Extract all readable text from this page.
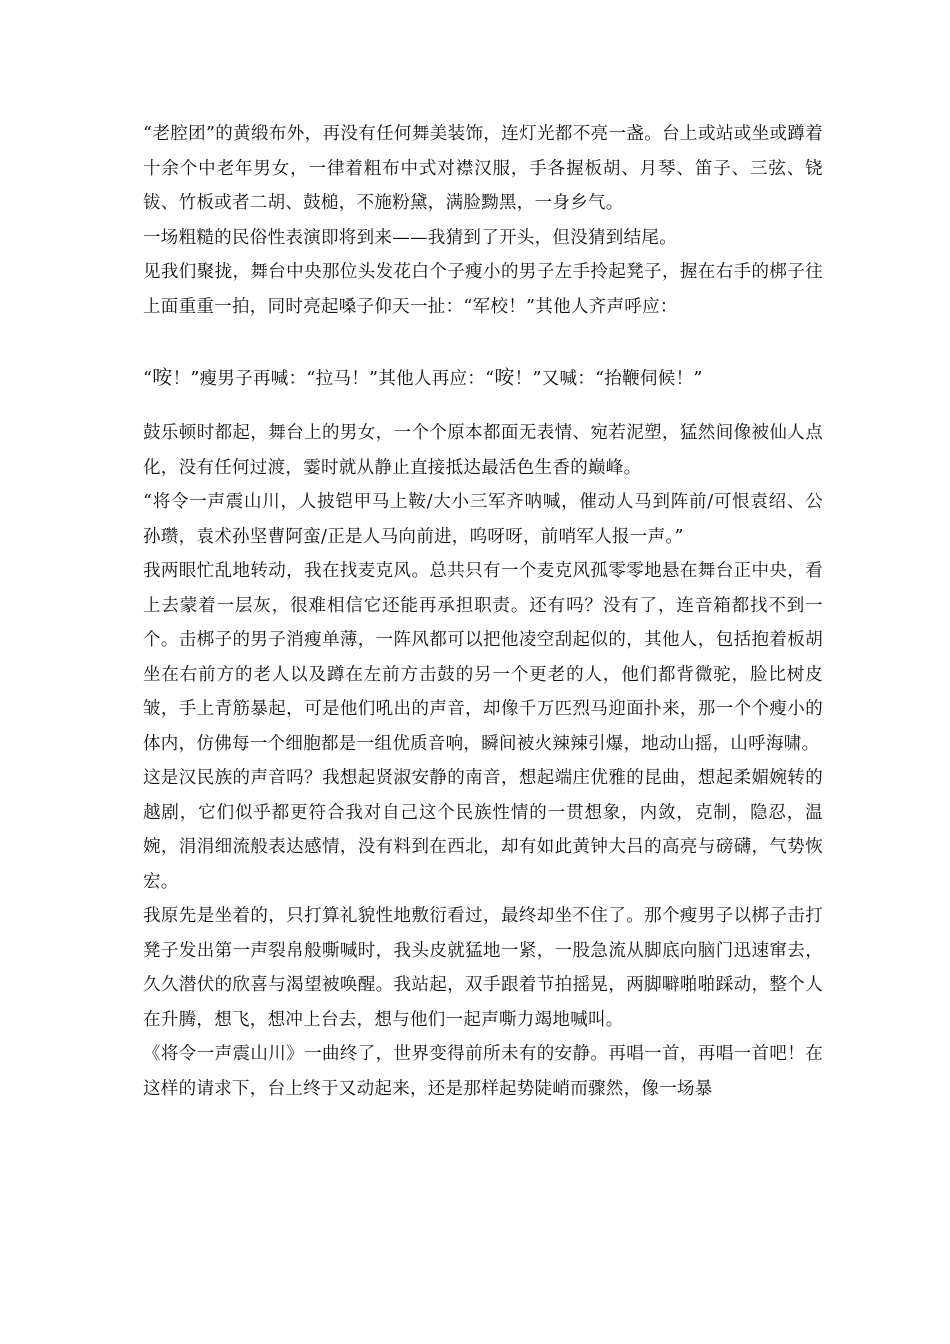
“老腔团”的黄缎布外，再没有任何舞美装饰，连灯光都不亮一盏。台上或站或坐或蹲着十余个中老年男女，一律着粗布中式对襟汉服，手各握板胡、月琴、笛子、三弦、铙钹、竹板或者二胡、鼓槌，不施粉黛，满脸黝黑，一身乡气。

一场粗糙的民俗性表演即将到来——我猜到了开头，但没猜到结尾。

见我们聚拢，舞台中央那位头发花白个子瘦小的男子左手拎起凳子，握在右手的梆子往上面重重一拍，同时亮起嗓子仰天一扯：“军校！”其他人齐声呼应：

“咹！”瘦男子再喊：“拉马！”其他人再应：“咹！”又喊：“抬鞭伺候！”

鼓乐顿时都起，舞台上的男女，一个个原本都面无表情、宛若泥塑，猛然间像被仙人点化，没有任何过渡，霎时就从静止直接抵达最活色生香的巅峰。

“将令一声震山川，人披铠甲马上鞍/大小三军齐呐喊，催动人马到阵前/可恨袁绍、公孙瓒，袁术孙坚曹阿蛮/正是人马向前进，呜呀呀，前哨军人报一声。”

我两眼忙乱地转动，我在找麦克风。总共只有一个麦克风孤零零地悬在舞台正中央，看上去蒙着一层灰，很难相信它还能再承担职责。还有吗？没有了，连音箱都找不到一个。击梆子的男子消瘦单薄，一阵风都可以把他凌空刮起似的，其他人，包括抱着板胡坐在右前方的老人以及蹲在左前方击鼓的另一个更老的人，他们都背微驼，脸比树皮皱，手上青筋暴起，可是他们吼出的声音，却像千万匹烈马迎面扑来，那一个个瘦小的体内，仿佛每一个细胞都是一组优质音响，瞬间被火辣辣引爆，地动山摇，山呼海啸。

这是汉民族的声音吗？我想起贤淑安静的南音，想起端庄优雅的昆曲，想起柔媚婉转的越剧，它们似乎都更符合我对自己这个民族性情的一贯想象，内敛，克制，隐忍，温婉，涓涓细流般表达感情，没有料到在西北，却有如此黄钟大吕的高亮与磅礴，气势恢宏。

我原先是坐着的，只打算礼貌性地敷衍看过，最终却坐不住了。那个瘦男子以梆子击打凳子发出第一声裂帛般嘶喊时，我头皮就猛地一紧，一股急流从脚底向脑门迅速窜去，久久潜伏的欣喜与渴望被唤醒。我站起，双手跟着节拍摇晃，两脚噼啪啪踩动，整个人在升腾，想飞，想冲上台去，想与他们一起声嘶力竭地喊叫。

《将令一声震山川》一曲终了，世界变得前所未有的安静。再唱一首，再唱一首吧！在这样的请求下，台上终于又动起来，还是那样起势陡峭而骤然，像一场暴
